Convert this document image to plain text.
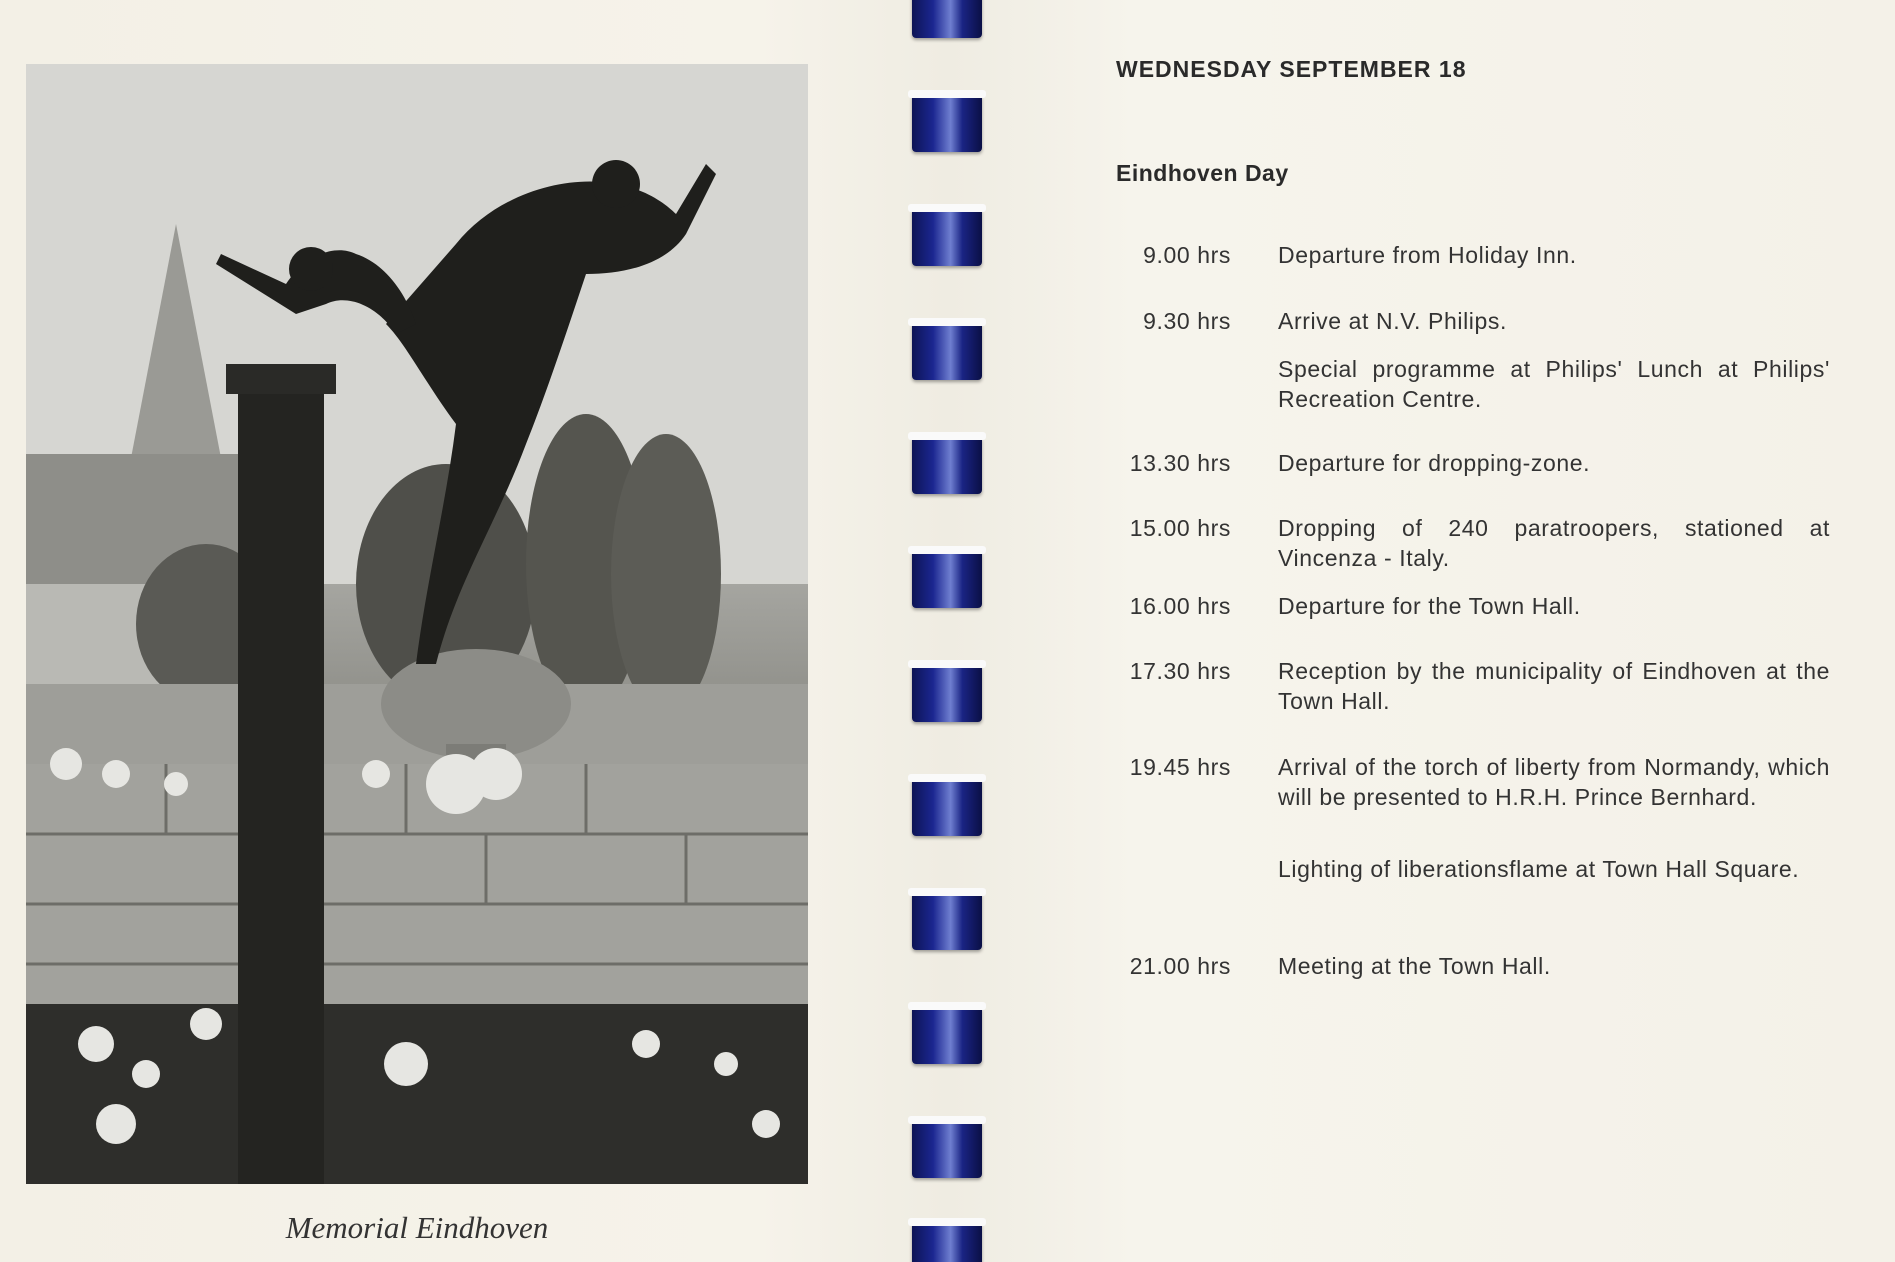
Memorial Eindhoven
WEDNESDAY SEPTEMBER 18
Eindhoven Day
9.00 hrs Departure from Holiday Inn.
9.30 hrs Arrive at N.V. Philips.
Special programme at Philips' Lunch at Philips' Recreation Centre.
13.30 hrs Departure for dropping-zone.
15.00 hrs Dropping of 240 paratroopers, stationed at Vincenza - Italy.
16.00 hrs Departure for the Town Hall.
17.30 hrs Reception by the municipality of Eindhoven at the Town Hall.
19.45 hrs Arrival of the torch of liberty from Normandy, which will be presented to H.R.H. Prince Bernhard.
Lighting of liberationsflame at Town Hall Square.
21.00 hrs Meeting at the Town Hall.
